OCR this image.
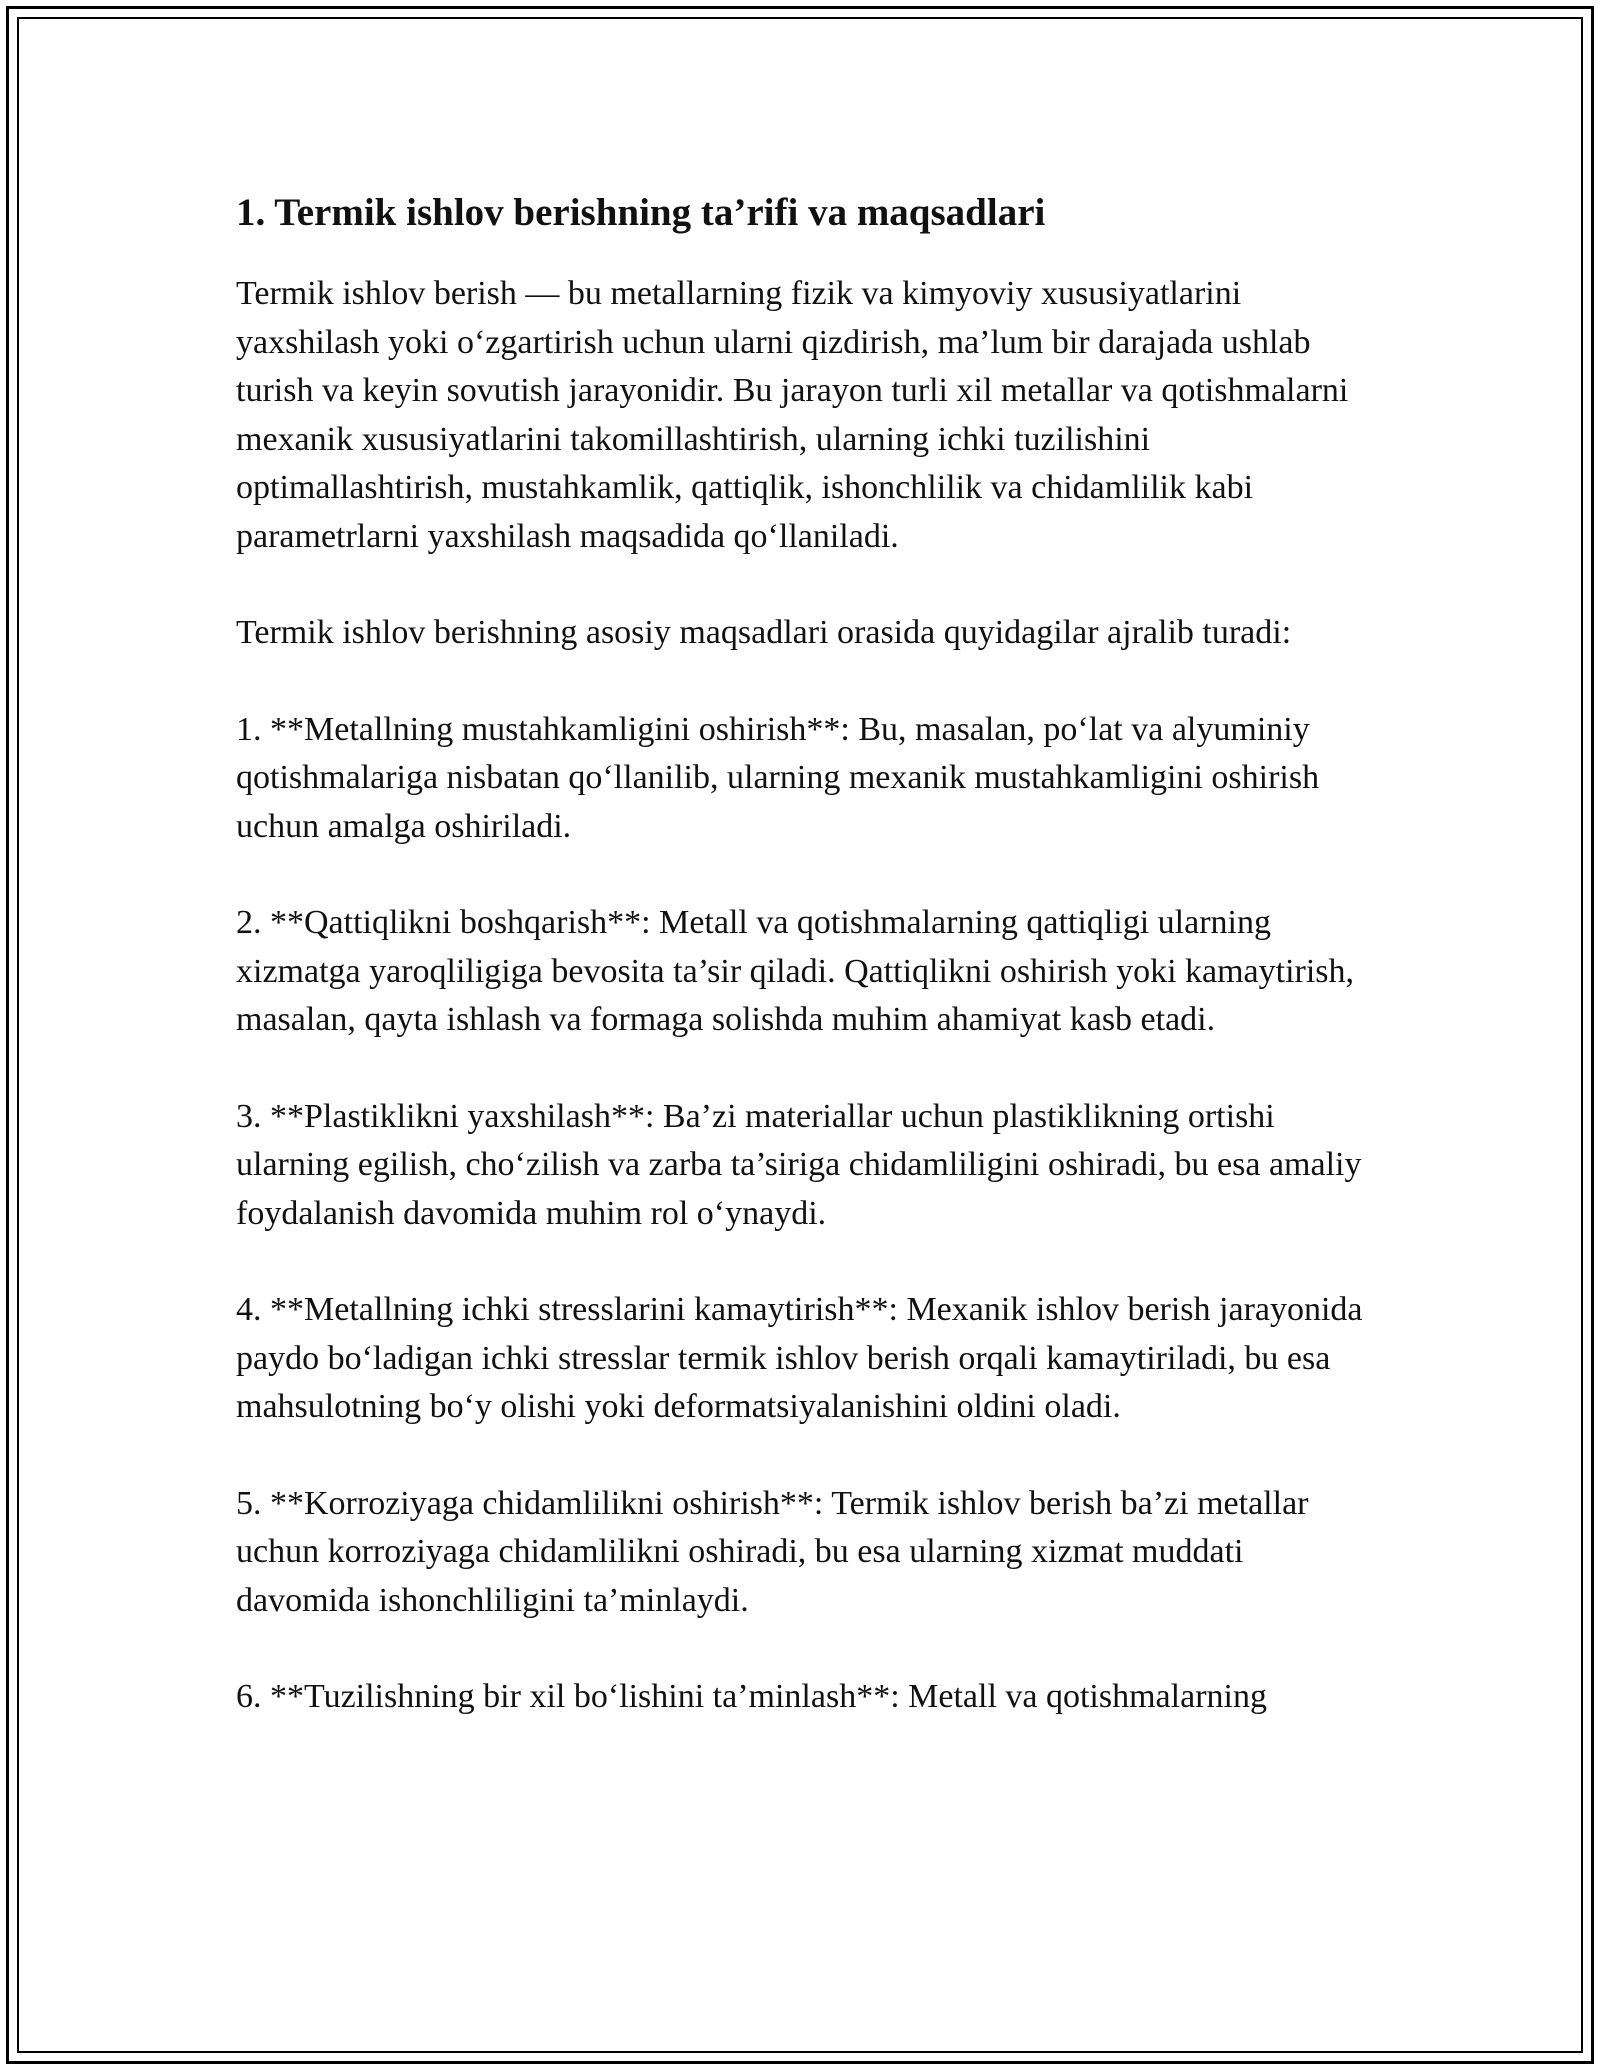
1. Termik ishlov berishning ta’rifi va maqsadlari

Termik ishlov berish — bu metallarning fizik va kimyoviy xususiyatlarini yaxshilash yoki o‘zgartirish uchun ularni qizdirish, ma’lum bir darajada ushlab turish va keyin sovutish jarayonidir. Bu jarayon turli xil metallar va qotishmalarni mexanik xususiyatlarini takomillashtirish, ularning ichki tuzilishini optimallashtirish, mustahkamlik, qattiqlik, ishonchlilik va chidamlilik kabi parametrlarni yaxshilash maqsadida qo‘llaniladi.

Termik ishlov berishning asosiy maqsadlari orasida quyidagilar ajralib turadi:

1. **Metallning mustahkamligini oshirish**: Bu, masalan, po‘lat va alyuminiy qotishmalariga nisbatan qo‘llanilib, ularning mexanik mustahkamligini oshirish uchun amalga oshiriladi.

2. **Qattiqlikni boshqarish**: Metall va qotishmalarning qattiqligi ularning xizmatga yaroqliligiga bevosita ta’sir qiladi. Qattiqlikni oshirish yoki kamaytirish, masalan, qayta ishlash va formaga solishda muhim ahamiyat kasb etadi.

3. **Plastiklikni yaxshilash**: Ba’zi materiallar uchun plastiklikning ortishi ularning egilish, cho‘zilish va zarba ta’siriga chidamliligini oshiradi, bu esa amaliy foydalanish davomida muhim rol o‘ynaydi.

4. **Metallning ichki stresslarini kamaytirish**: Mexanik ishlov berish jarayonida paydo bo‘ladigan ichki stresslar termik ishlov berish orqali kamaytiriladi, bu esa mahsulotning bo‘y olishi yoki deformatsiyalanishini oldini oladi.

5. **Korroziyaga chidamlilikni oshirish**: Termik ishlov berish ba’zi metallar uchun korroziyaga chidamlilikni oshiradi, bu esa ularning xizmat muddati davomida ishonchliligini ta’minlaydi.

6. **Tuzilishning bir xil bo‘lishini ta’minlash**: Metall va qotishmalarning
